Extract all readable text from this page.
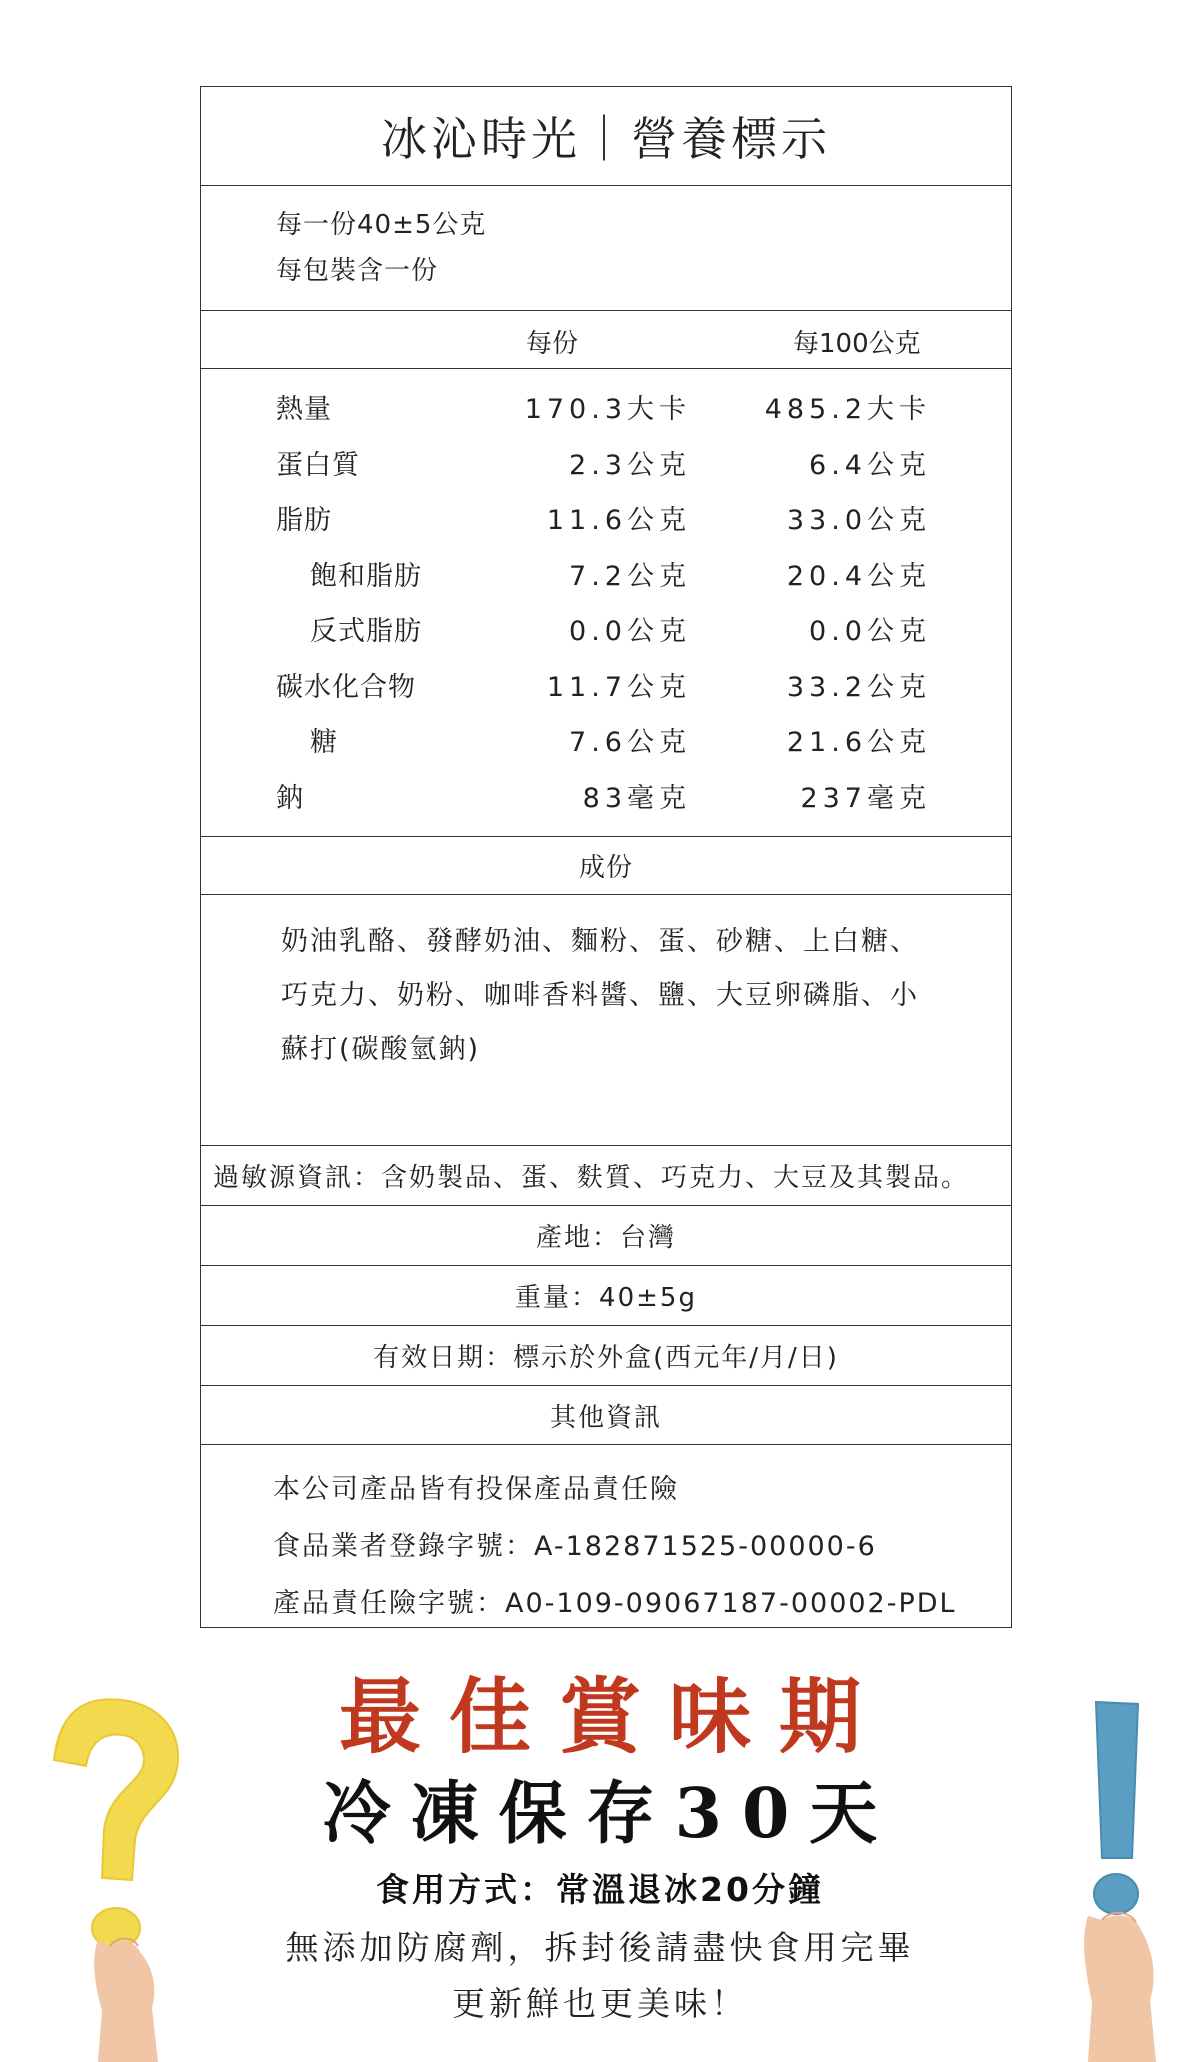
冰沁時光｜營養標示
每一份40±5公克
每包裝含一份
每份	每100公克
熱量	170.3大卡	485.2大卡
蛋白質	2.3公克	6.4公克
脂肪	11.6公克	33.0公克
飽和脂肪	7.2公克	20.4公克
反式脂肪	0.0公克	0.0公克
碳水化合物	11.7公克	33.2公克
糖	7.6公克	21.6公克
鈉	83毫克	237毫克
成份
奶油乳酪、發酵奶油、麵粉、蛋、砂糖、上白糖、
巧克力、奶粉、咖啡香料醬、鹽、大豆卵磷脂、小
蘇打(碳酸氫鈉)
過敏源資訊：含奶製品、蛋、麩質、巧克力、大豆及其製品。
產地：台灣
重量：40±5g
有效日期：標示於外盒(西元年/月/日)
其他資訊
本公司產品皆有投保產品責任險
食品業者登錄字號：A-182871525-00000-6
產品責任險字號：A0-109-09067187-00002-PDL
最佳賞味期
冷凍保存30天
食用方式：常溫退冰20分鐘
無添加防腐劑，拆封後請盡快食用完畢
更新鮮也更美味！
